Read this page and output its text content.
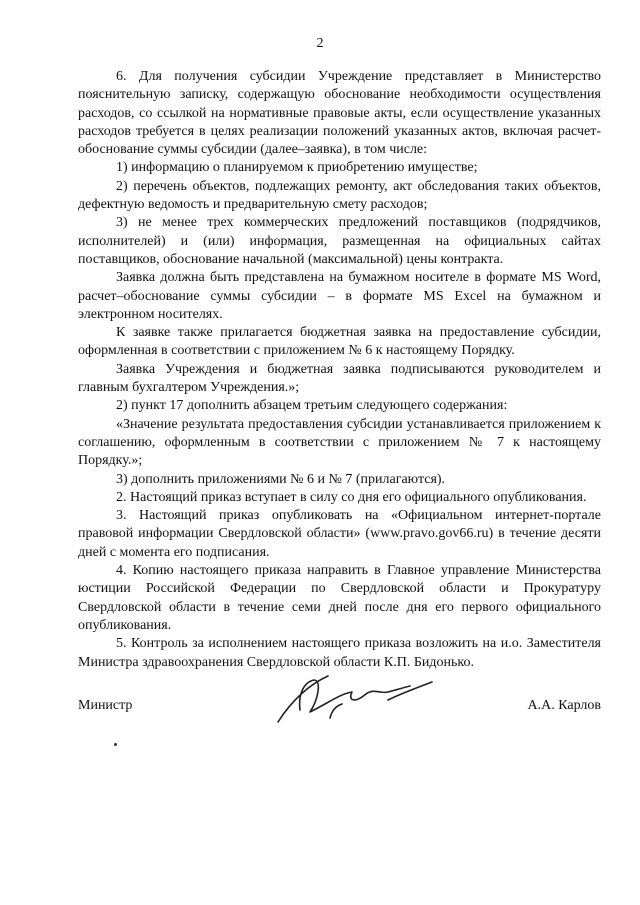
2

6. Для получения субсидии Учреждение представляет в Министерство пояснительную записку, содержащую обоснование необходимости осуществления расходов, со ссылкой на нормативные правовые акты, если осуществление указанных расходов требуется в целях реализации положений указанных актов, включая расчет-обоснование суммы субсидии (далее–заявка), в том числе:

1) информацию о планируемом к приобретению имуществе;

2) перечень объектов, подлежащих ремонту, акт обследования таких объектов, дефектную ведомость и предварительную смету расходов;

3) не менее трех коммерческих предложений поставщиков (подрядчиков, исполнителей) и (или) информация, размещенная на официальных сайтах поставщиков, обоснование начальной (максимальной) цены контракта.

Заявка должна быть представлена на бумажном носителе в формате MS Word, расчет–обоснование суммы субсидии – в формате MS Excel на бумажном и электронном носителях.

К заявке также прилагается бюджетная заявка на предоставление субсидии, оформленная в соответствии с приложением № 6 к настоящему Порядку.

Заявка Учреждения и бюджетная заявка подписываются руководителем и главным бухгалтером Учреждения.»;

2) пункт 17 дополнить абзацем третьим следующего содержания:

«Значение результата предоставления субсидии устанавливается приложением к соглашению, оформленным в соответствии с приложением № 7 к настоящему Порядку.»;

3) дополнить приложениями № 6 и № 7 (прилагаются).

2. Настоящий приказ вступает в силу со дня его официального опубликования.

3. Настоящий приказ опубликовать на «Официальном интернет-портале правовой информации Свердловской области» (www.pravo.gov66.ru) в течение десяти дней с момента его подписания.

4. Копию настоящего приказа направить в Главное управление Министерства юстиции Российской Федерации по Свердловской области и Прокуратуру Свердловской области в течение семи дней после дня его первого официального опубликования.

5. Контроль за исполнением настоящего приказа возложить на и.о. Заместителя Министра здравоохранения Свердловской области К.П. Бидонько.

Министр	А.А. Карлов
